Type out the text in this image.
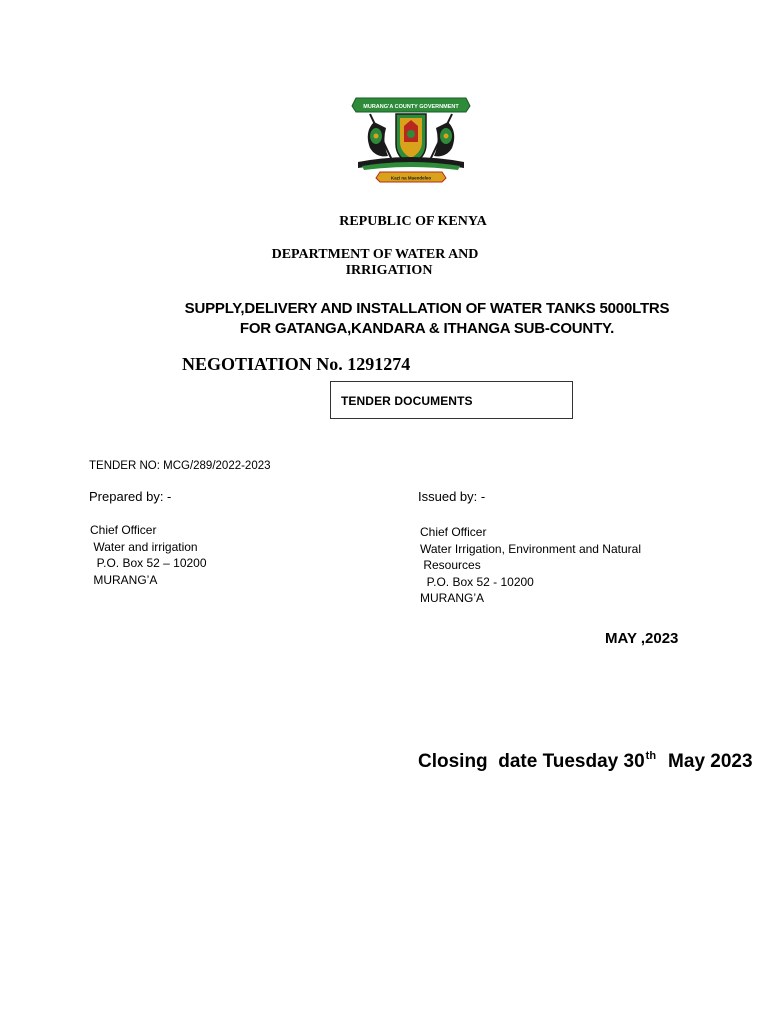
MURANG'A COUNTY GOVERNMENT
Kazi na Maendeleo
REPUBLIC OF KENYA
DEPARTMENT OF WATER AND
IRRIGATION
SUPPLY,DELIVERY AND INSTALLATION OF WATER TANKS 5000LTRS
FOR GATANGA,KANDARA & ITHANGA SUB-COUNTY.
NEGOTIATION No. 1291274
TENDER DOCUMENTS
TENDER NO: MCG/289/2022-2023
Prepared by: -	Issued by: -
Chief Officer
Water and irrigation
P.O. Box 52 – 10200
MURANG’A
Chief Officer
Water Irrigation, Environment and Natural
Resources
P.O. Box 52 - 10200
MURANG’A
MAY ,2023
Closing  date Tuesday 30th May 2023
